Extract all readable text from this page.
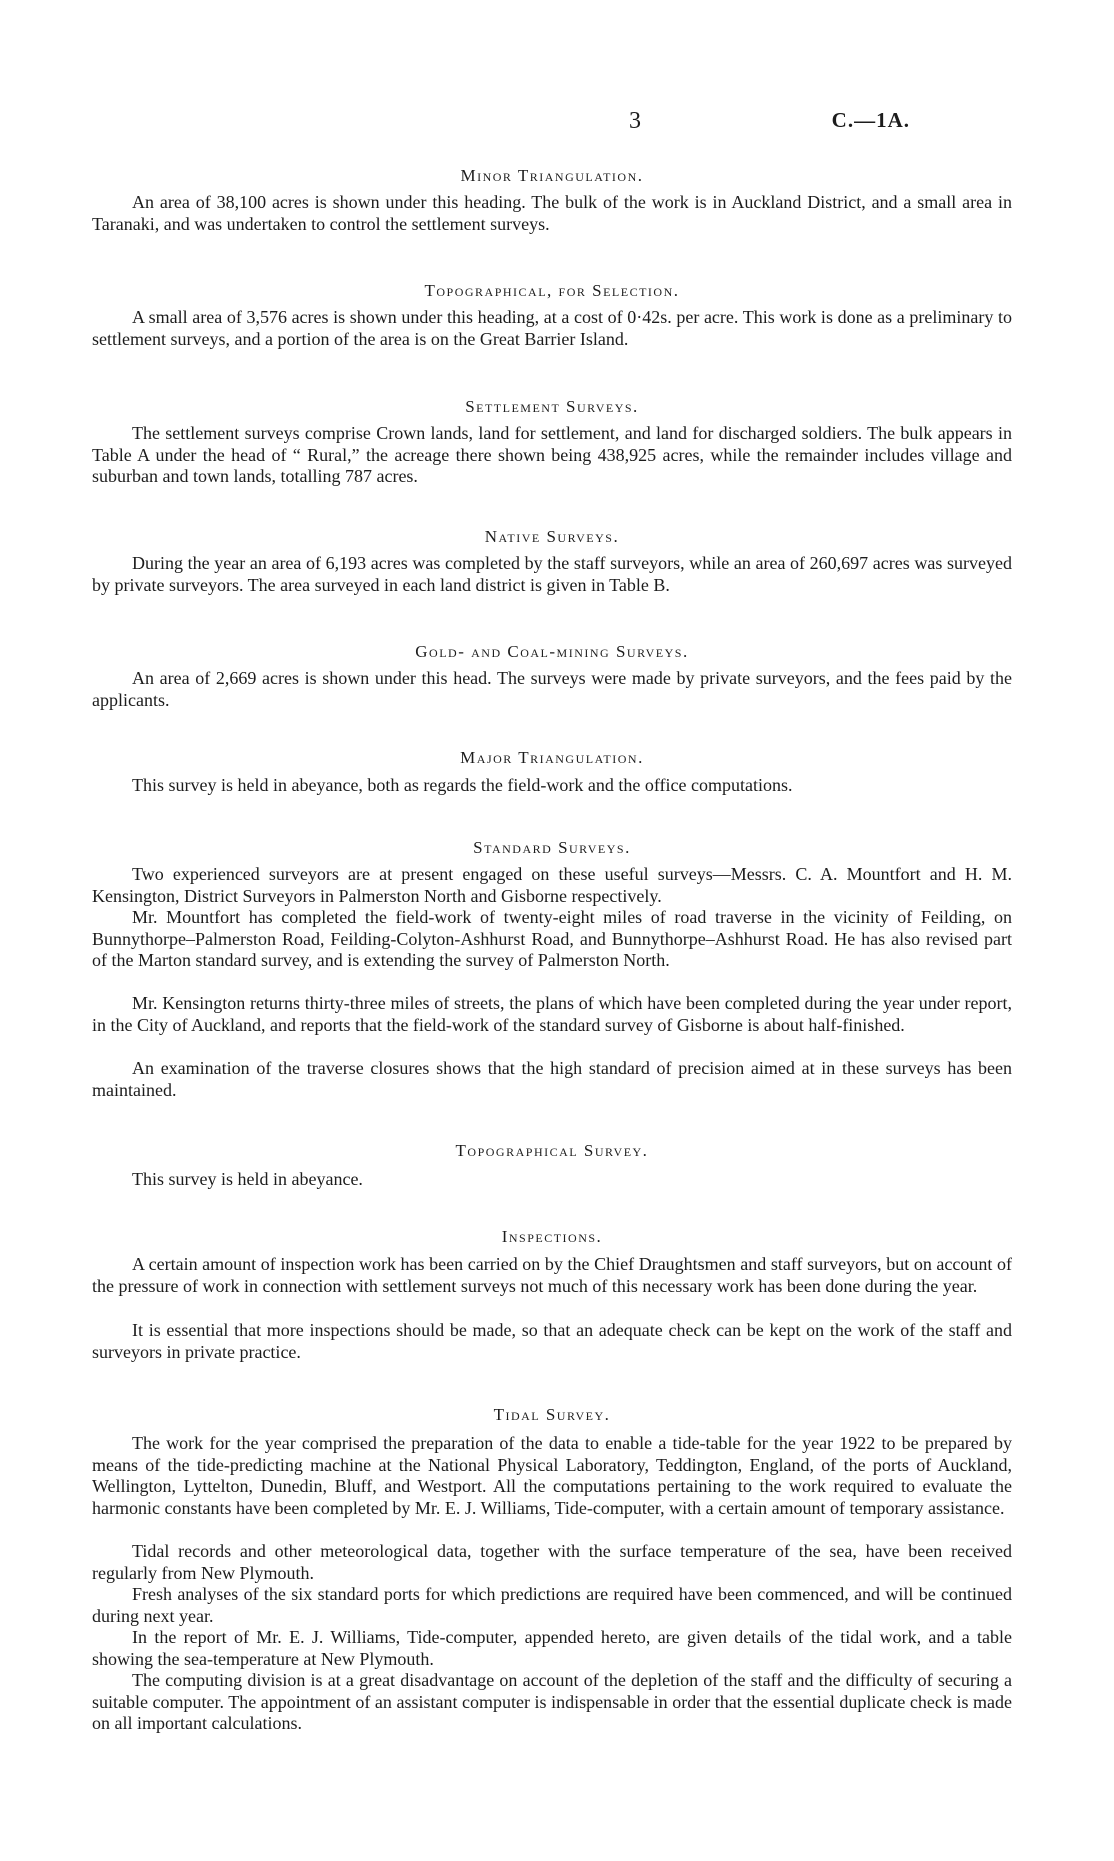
3	C.—1A.
Minor Triangulation.

An area of 38,100 acres is shown under this heading. The bulk of the work is in Auckland District, and a small area in Taranaki, and was undertaken to control the settlement surveys.

Topographical, for Selection.

A small area of 3,576 acres is shown under this heading, at a cost of 0·42s. per acre. This work is done as a preliminary to settlement surveys, and a portion of the area is on the Great Barrier Island.

Settlement Surveys.

The settlement surveys comprise Crown lands, land for settlement, and land for discharged soldiers. The bulk appears in Table A under the head of “ Rural,” the acreage there shown being 438,925 acres, while the remainder includes village and suburban and town lands, totalling 787 acres.

Native Surveys.

During the year an area of 6,193 acres was completed by the staff surveyors, while an area of 260,697 acres was surveyed by private surveyors. The area surveyed in each land district is given in Table B.

Gold- and Coal-mining Surveys.

An area of 2,669 acres is shown under this head. The surveys were made by private surveyors, and the fees paid by the applicants.

Major Triangulation.

This survey is held in abeyance, both as regards the field-work and the office computations.

Standard Surveys.

Two experienced surveyors are at present engaged on these useful surveys—Messrs. C. A. Mountfort and H. M. Kensington, District Surveyors in Palmerston North and Gisborne respectively.

Mr. Mountfort has completed the field-work of twenty-eight miles of road traverse in the vicinity of Feilding, on Bunnythorpe–Palmerston Road, Feilding-Colyton-Ashhurst Road, and Bunnythorpe–Ashhurst Road. He has also revised part of the Marton standard survey, and is extending the survey of Palmerston North.

Mr. Kensington returns thirty-three miles of streets, the plans of which have been completed during the year under report, in the City of Auckland, and reports that the field-work of the standard survey of Gisborne is about half-finished.

An examination of the traverse closures shows that the high standard of precision aimed at in these surveys has been maintained.

Topographical Survey.

This survey is held in abeyance.

Inspections.

A certain amount of inspection work has been carried on by the Chief Draughtsmen and staff surveyors, but on account of the pressure of work in connection with settlement surveys not much of this necessary work has been done during the year.

It is essential that more inspections should be made, so that an adequate check can be kept on the work of the staff and surveyors in private practice.

Tidal Survey.

The work for the year comprised the preparation of the data to enable a tide-table for the year 1922 to be prepared by means of the tide-predicting machine at the National Physical Laboratory, Teddington, England, of the ports of Auckland, Wellington, Lyttelton, Dunedin, Bluff, and Westport. All the computations pertaining to the work required to evaluate the harmonic constants have been completed by Mr. E. J. Williams, Tide-computer, with a certain amount of temporary assistance.

Tidal records and other meteorological data, together with the surface temperature of the sea, have been received regularly from New Plymouth.

Fresh analyses of the six standard ports for which predictions are required have been commenced, and will be continued during next year.

In the report of Mr. E. J. Williams, Tide-computer, appended hereto, are given details of the tidal work, and a table showing the sea-temperature at New Plymouth.

The computing division is at a great disadvantage on account of the depletion of the staff and the difficulty of securing a suitable computer. The appointment of an assistant computer is indispensable in order that the essential duplicate check is made on all important calculations.
